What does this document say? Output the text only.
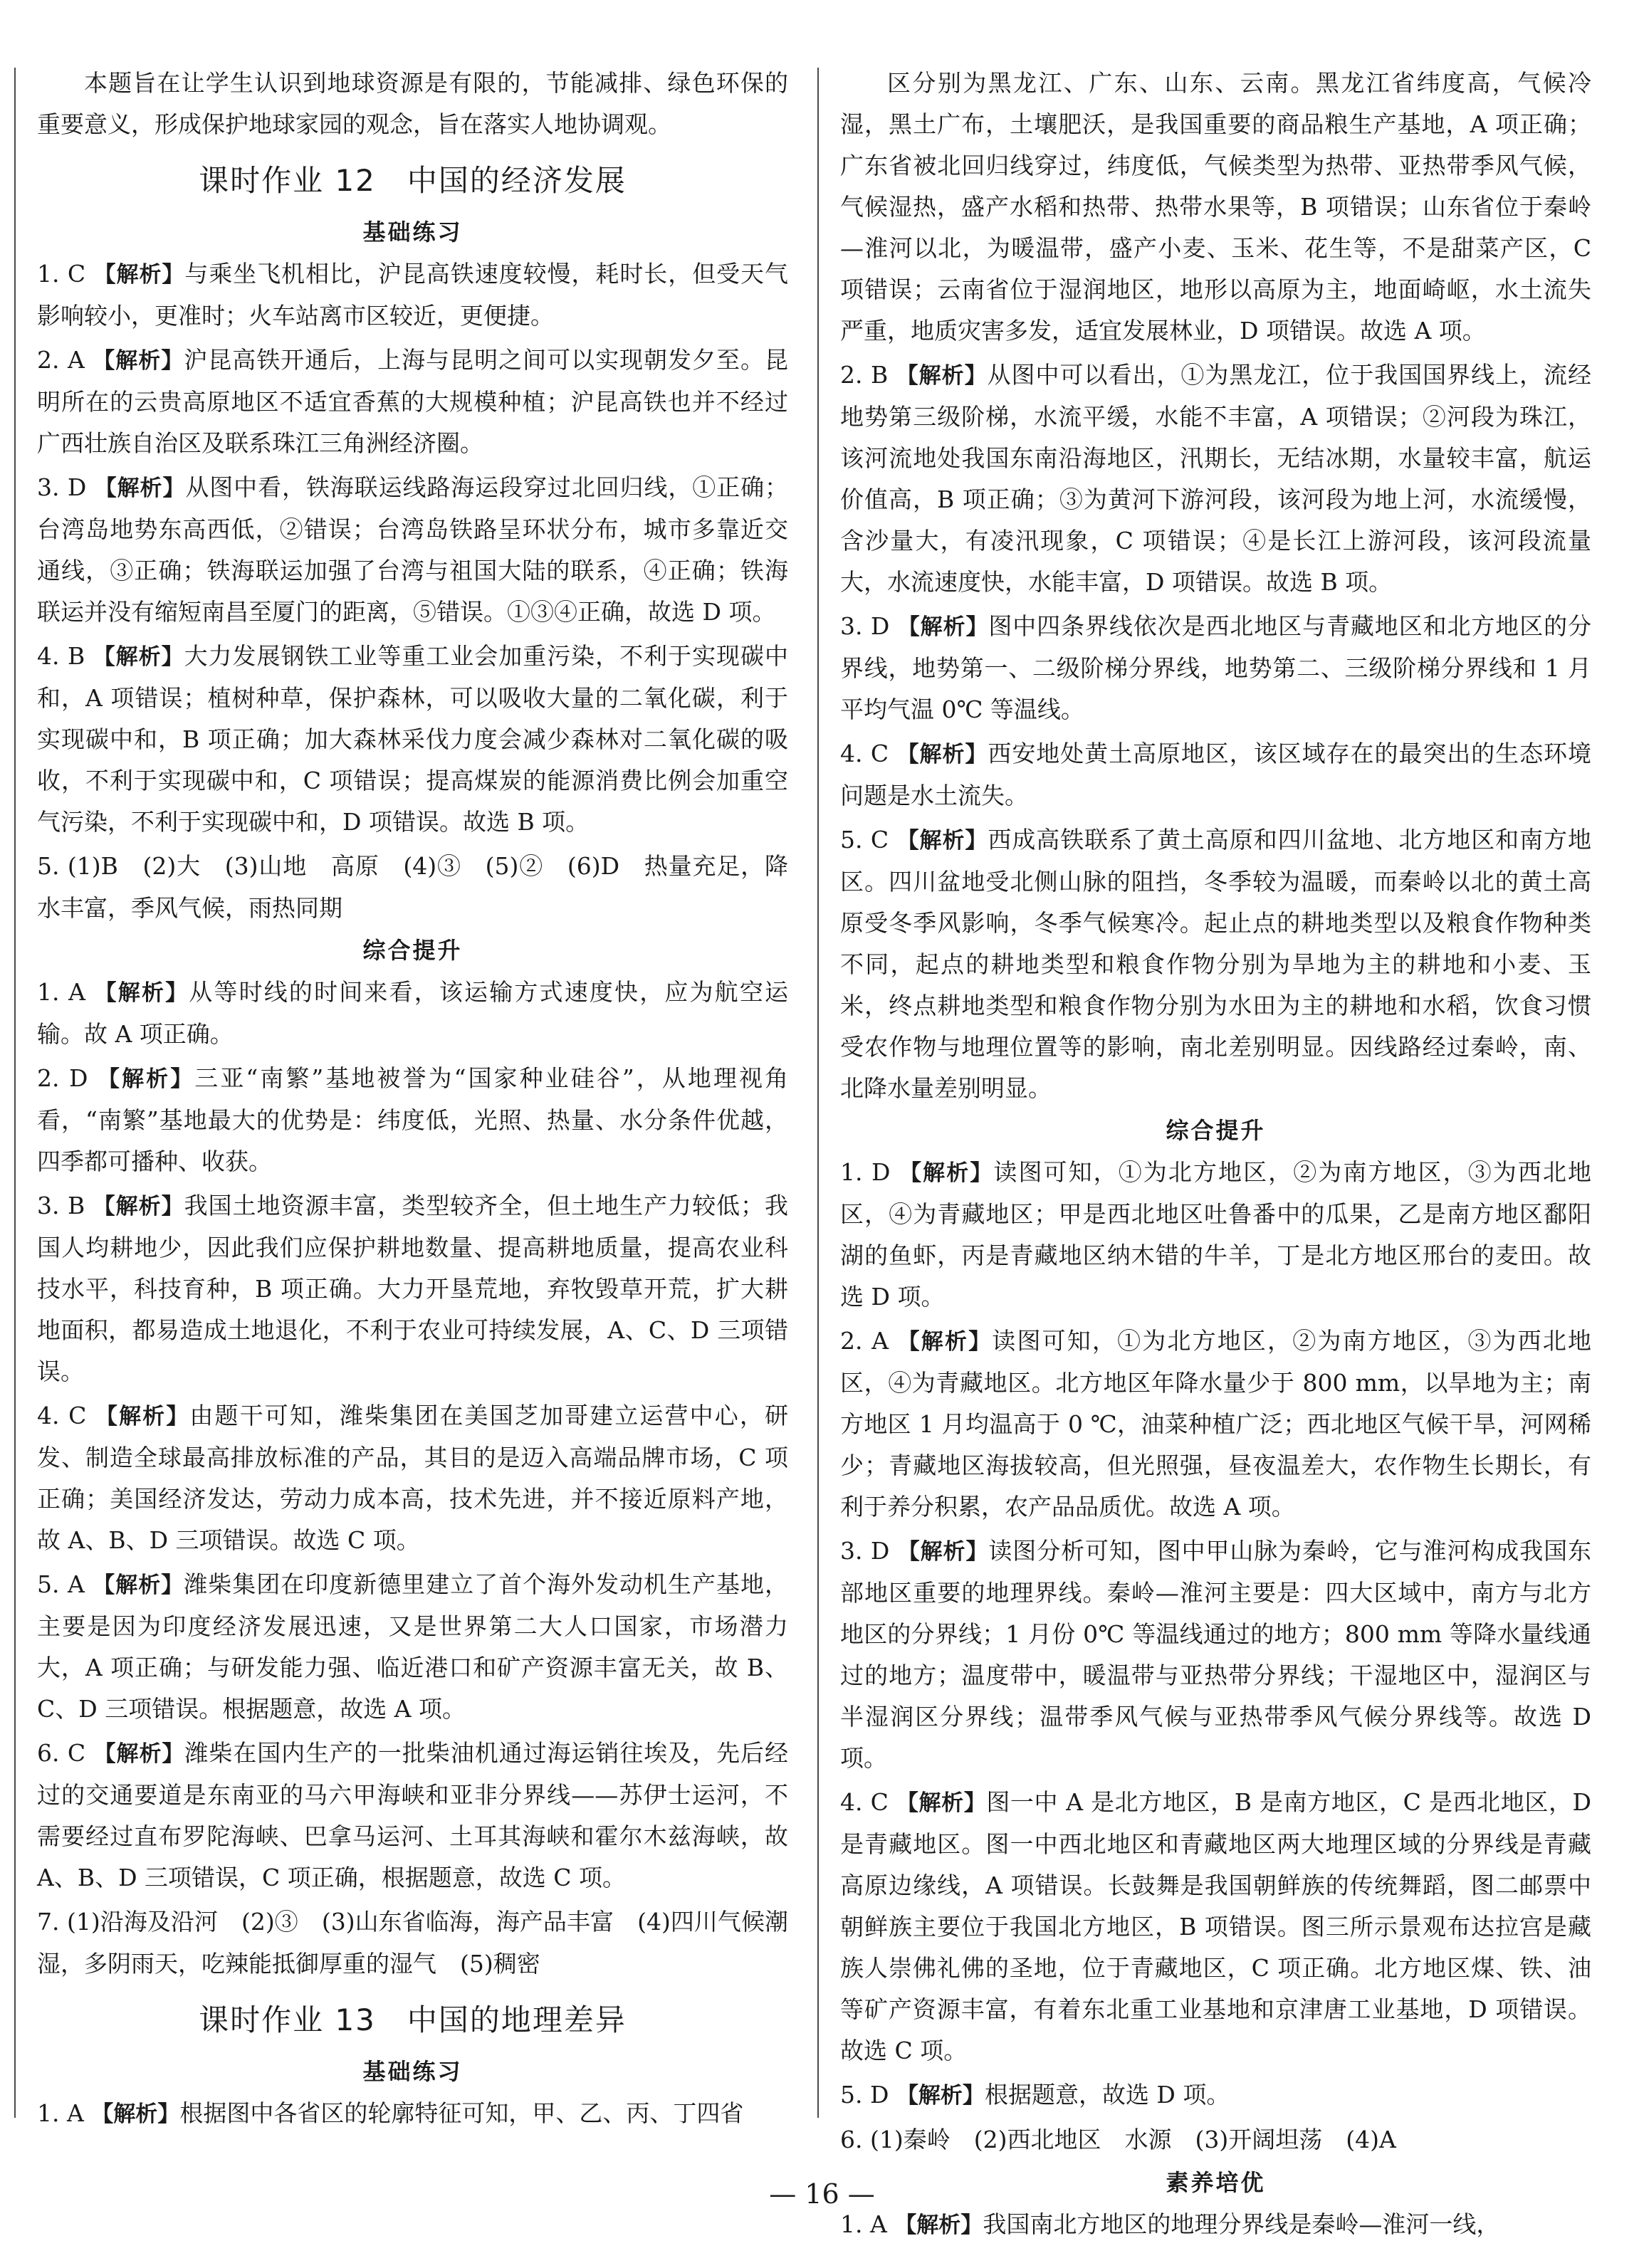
本题旨在让学生认识到地球资源是有限的，节能减排、绿色环保的重要意义，形成保护地球家园的观念，旨在落实人地协调观。

课时作业 12　中国的经济发展
基础练习

1. C 【解析】与乘坐飞机相比，沪昆高铁速度较慢，耗时长，但受天气影响较小，更准时；火车站离市区较近，更便捷。

2. A 【解析】沪昆高铁开通后，上海与昆明之间可以实现朝发夕至。昆明所在的云贵高原地区不适宜香蕉的大规模种植；沪昆高铁也并不经过广西壮族自治区及联系珠江三角洲经济圈。

3. D 【解析】从图中看，铁海联运线路海运段穿过北回归线，①正确；台湾岛地势东高西低，②错误；台湾岛铁路呈环状分布，城市多靠近交通线，③正确；铁海联运加强了台湾与祖国大陆的联系，④正确；铁海联运并没有缩短南昌至厦门的距离，⑤错误。①③④正确，故选 D 项。

4. B 【解析】大力发展钢铁工业等重工业会加重污染，不利于实现碳中和，A 项错误；植树种草，保护森林，可以吸收大量的二氧化碳，利于实现碳中和，B 项正确；加大森林采伐力度会减少森林对二氧化碳的吸收，不利于实现碳中和，C 项错误；提高煤炭的能源消费比例会加重空气污染，不利于实现碳中和，D 项错误。故选 B 项。

5. (1)B　(2)大　(3)山地　高原　(4)③　(5)②　(6)D　热量充足，降水丰富，季风气候，雨热同期

综合提升

1. A 【解析】从等时线的时间来看，该运输方式速度快，应为航空运输。故 A 项正确。

2. D 【解析】三亚“南繁”基地被誉为“国家种业硅谷”，从地理视角看，“南繁”基地最大的优势是：纬度低，光照、热量、水分条件优越，四季都可播种、收获。

3. B 【解析】我国土地资源丰富，类型较齐全，但土地生产力较低；我国人均耕地少，因此我们应保护耕地数量、提高耕地质量，提高农业科技水平，科技育种，B 项正确。大力开垦荒地，弃牧毁草开荒，扩大耕地面积，都易造成土地退化，不利于农业可持续发展，A、C、D 三项错误。

4. C 【解析】由题干可知，潍柴集团在美国芝加哥建立运营中心，研发、制造全球最高排放标准的产品，其目的是迈入高端品牌市场，C 项正确；美国经济发达，劳动力成本高，技术先进，并不接近原料产地，故 A、B、D 三项错误。故选 C 项。

5. A 【解析】潍柴集团在印度新德里建立了首个海外发动机生产基地，主要是因为印度经济发展迅速，又是世界第二大人口国家，市场潜力大，A 项正确；与研发能力强、临近港口和矿产资源丰富无关，故 B、C、D 三项错误。根据题意，故选 A 项。

6. C 【解析】潍柴在国内生产的一批柴油机通过海运销往埃及，先后经过的交通要道是东南亚的马六甲海峡和亚非分界线——苏伊士运河，不需要经过直布罗陀海峡、巴拿马运河、土耳其海峡和霍尔木兹海峡，故 A、B、D 三项错误，C 项正确，根据题意，故选 C 项。

7. (1)沿海及沿河　(2)③　(3)山东省临海，海产品丰富　(4)四川气候潮湿，多阴雨天，吃辣能抵御厚重的湿气　(5)稠密

课时作业 13　中国的地理差异
基础练习

1. A 【解析】根据图中各省区的轮廓特征可知，甲、乙、丙、丁四省

区分别为黑龙江、广东、山东、云南。黑龙江省纬度高，气候冷湿，黑土广布，土壤肥沃，是我国重要的商品粮生产基地，A 项正确；广东省被北回归线穿过，纬度低，气候类型为热带、亚热带季风气候，气候湿热，盛产水稻和热带、热带水果等，B 项错误；山东省位于秦岭—淮河以北，为暖温带，盛产小麦、玉米、花生等，不是甜菜产区，C 项错误；云南省位于湿润地区，地形以高原为主，地面崎岖，水土流失严重，地质灾害多发，适宜发展林业，D 项错误。故选 A 项。

2. B 【解析】从图中可以看出，①为黑龙江，位于我国国界线上，流经地势第三级阶梯，水流平缓，水能不丰富，A 项错误；②河段为珠江，该河流地处我国东南沿海地区，汛期长，无结冰期，水量较丰富，航运价值高，B 项正确；③为黄河下游河段，该河段为地上河，水流缓慢，含沙量大，有凌汛现象，C 项错误；④是长江上游河段，该河段流量大，水流速度快，水能丰富，D 项错误。故选 B 项。

3. D 【解析】图中四条界线依次是西北地区与青藏地区和北方地区的分界线，地势第一、二级阶梯分界线，地势第二、三级阶梯分界线和 1 月平均气温 0℃ 等温线。

4. C 【解析】西安地处黄土高原地区，该区域存在的最突出的生态环境问题是水土流失。

5. C 【解析】西成高铁联系了黄土高原和四川盆地、北方地区和南方地区。四川盆地受北侧山脉的阻挡，冬季较为温暖，而秦岭以北的黄土高原受冬季风影响，冬季气候寒冷。起止点的耕地类型以及粮食作物种类不同，起点的耕地类型和粮食作物分别为旱地为主的耕地和小麦、玉米，终点耕地类型和粮食作物分别为水田为主的耕地和水稻，饮食习惯受农作物与地理位置等的影响，南北差别明显。因线路经过秦岭，南、北降水量差别明显。

综合提升

1. D 【解析】读图可知，①为北方地区，②为南方地区，③为西北地区，④为青藏地区；甲是西北地区吐鲁番中的瓜果，乙是南方地区鄱阳湖的鱼虾，丙是青藏地区纳木错的牛羊，丁是北方地区邢台的麦田。故选 D 项。

2. A 【解析】读图可知，①为北方地区，②为南方地区，③为西北地区，④为青藏地区。北方地区年降水量少于 800 mm，以旱地为主；南方地区 1 月均温高于 0 ℃，油菜种植广泛；西北地区气候干旱，河网稀少；青藏地区海拔较高，但光照强，昼夜温差大，农作物生长期长，有利于养分积累，农产品品质优。故选 A 项。

3. D 【解析】读图分析可知，图中甲山脉为秦岭，它与淮河构成我国东部地区重要的地理界线。秦岭—淮河主要是：四大区域中，南方与北方地区的分界线；1 月份 0℃ 等温线通过的地方；800 mm 等降水量线通过的地方；温度带中，暖温带与亚热带分界线；干湿地区中，湿润区与半湿润区分界线；温带季风气候与亚热带季风气候分界线等。故选 D 项。

4. C 【解析】图一中 A 是北方地区，B 是南方地区，C 是西北地区，D 是青藏地区。图一中西北地区和青藏地区两大地理区域的分界线是青藏高原边缘线，A 项错误。长鼓舞是我国朝鲜族的传统舞蹈，图二邮票中朝鲜族主要位于我国北方地区，B 项错误。图三所示景观布达拉宫是藏族人崇佛礼佛的圣地，位于青藏地区，C 项正确。北方地区煤、铁、油等矿产资源丰富，有着东北重工业基地和京津唐工业基地，D 项错误。故选 C 项。

5. D 【解析】根据题意，故选 D 项。

6. (1)秦岭　(2)西北地区　水源　(3)开阔坦荡　(4)A

素养培优

1. A 【解析】我国南北方地区的地理分界线是秦岭—淮河一线，

— 16 —
